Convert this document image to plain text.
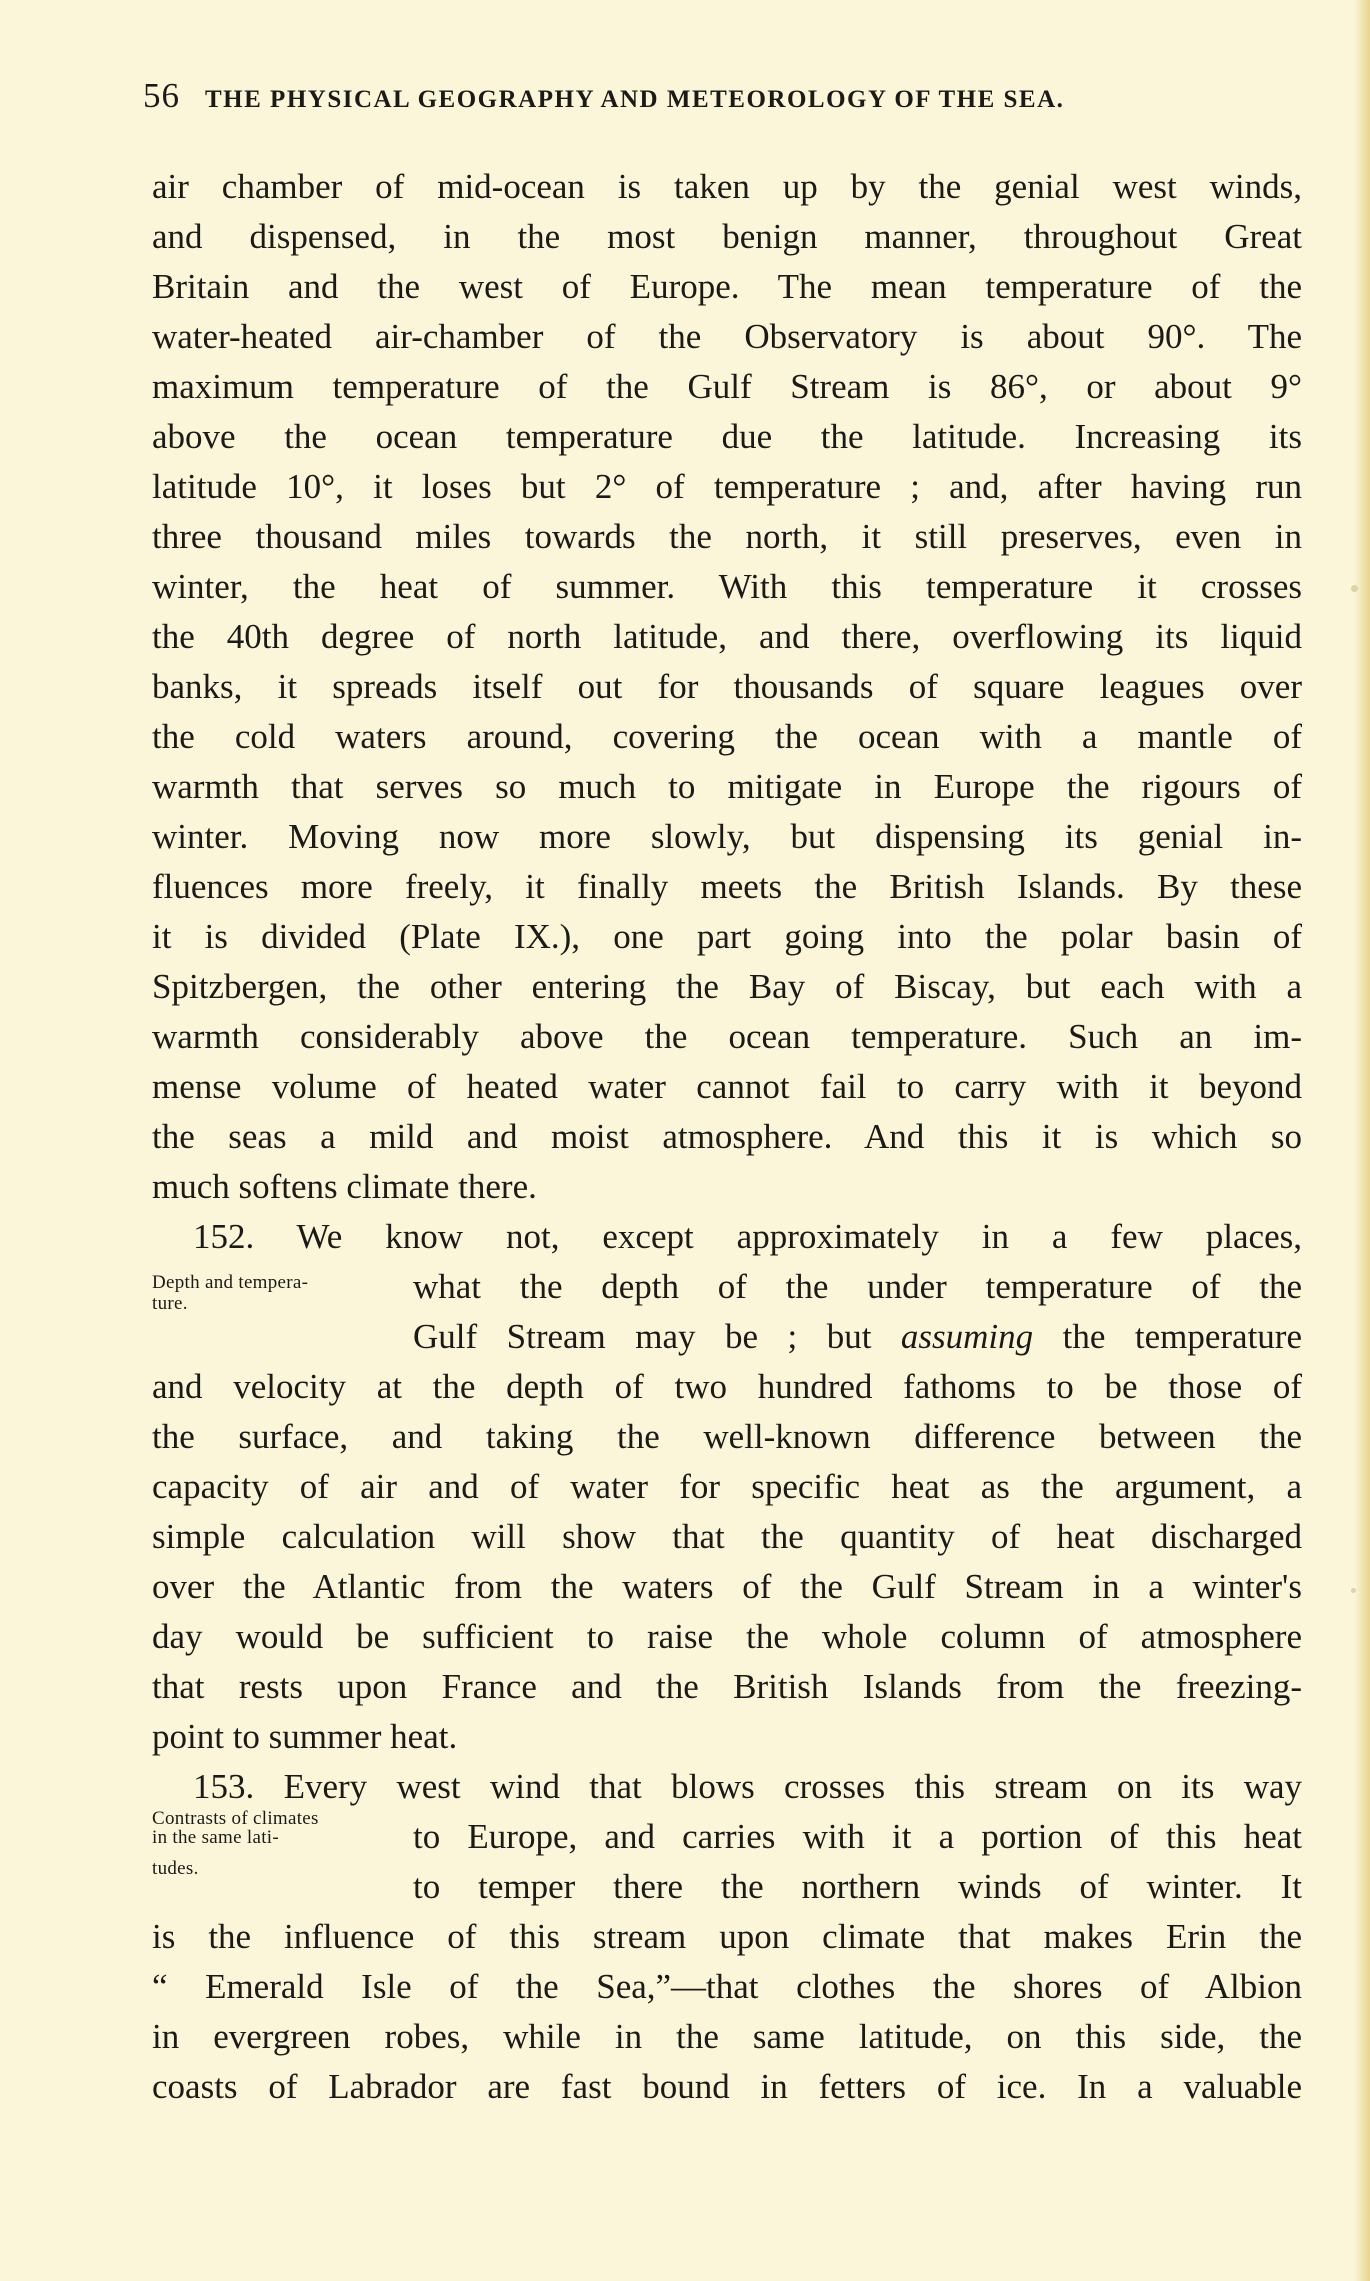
56 THE PHYSICAL GEOGRAPHY AND METEOROLOGY OF THE SEA.
air chamber of mid-ocean is taken up by the genial west winds,
and dispensed, in the most benign manner, throughout Great
Britain and the west of Europe. The mean temperature of the
water-heated air-chamber of the Observatory is about 90°. The
maximum temperature of the Gulf Stream is 86°, or about 9°
above the ocean temperature due the latitude. Increasing its
latitude 10°, it loses but 2° of temperature ; and, after having run
three thousand miles towards the north, it still preserves, even in
winter, the heat of summer. With this temperature it crosses
the 40th degree of north latitude, and there, overflowing its liquid
banks, it spreads itself out for thousands of square leagues over
the cold waters around, covering the ocean with a mantle of
warmth that serves so much to mitigate in Europe the rigours of
winter. Moving now more slowly, but dispensing its genial in-
fluences more freely, it finally meets the British Islands. By these
it is divided (Plate IX.), one part going into the polar basin of
Spitzbergen, the other entering the Bay of Biscay, but each with a
warmth considerably above the ocean temperature. Such an im-
mense volume of heated water cannot fail to carry with it beyond
the seas a mild and moist atmosphere. And this it is which so
much softens climate there.
152. We know not, except approximately in a few places,
Depth and tempera-
ture.	what the depth of the under temperature of the
Gulf Stream may be ; but assuming the temperature
and velocity at the depth of two hundred fathoms to be those of
the surface, and taking the well-known difference between the
capacity of air and of water for specific heat as the argument, a
simple calculation will show that the quantity of heat discharged
over the Atlantic from the waters of the Gulf Stream in a winter's
day would be sufficient to raise the whole column of atmosphere
that rests upon France and the British Islands from the freezing-
point to summer heat.
153. Every west wind that blows crosses this stream on its way
Contrasts of climates
in the same lati-
tudes.
to Europe, and carries with it a portion of this heat
to temper there the northern winds of winter. It
is the influence of this stream upon climate that makes Erin the
“ Emerald Isle of the Sea,”—that clothes the shores of Albion
in evergreen robes, while in the same latitude, on this side, the
coasts of Labrador are fast bound in fetters of ice. In a valuable
